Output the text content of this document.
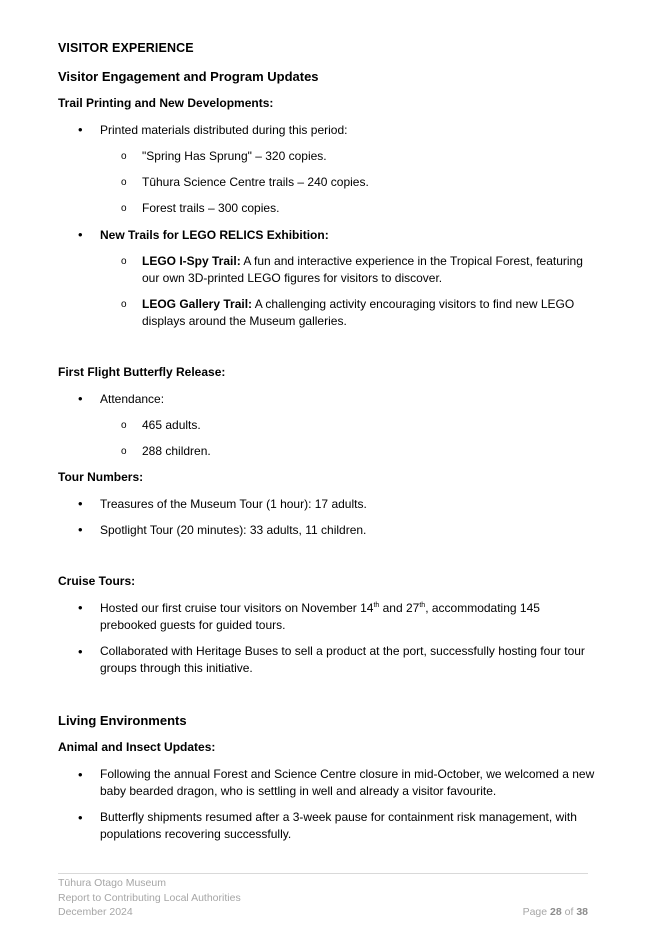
VISITOR EXPERIENCE
Visitor Engagement and Program Updates
Trail Printing and New Developments:
• Printed materials distributed during this period:
o "Spring Has Sprung" – 320 copies.
o Tūhura Science Centre trails – 240 copies.
o Forest trails – 300 copies.
• New Trails for LEGO RELICS Exhibition:
o LEGO I-Spy Trail: A fun and interactive experience in the Tropical Forest, featuring
our own 3D-printed LEGO figures for visitors to discover.
o LEOG Gallery Trail: A challenging activity encouraging visitors to find new LEGO
displays around the Museum galleries.
First Flight Butterfly Release:
• Attendance:
o 465 adults.
o 288 children.
Tour Numbers:
• Treasures of the Museum Tour (1 hour): 17 adults.
• Spotlight Tour (20 minutes): 33 adults, 11 children.
Cruise Tours:
• Hosted our first cruise tour visitors on November 14th and 27th, accommodating 145
prebooked guests for guided tours.
• Collaborated with Heritage Buses to sell a product at the port, successfully hosting four tour
groups through this initiative.
Living Environments
Animal and Insect Updates:
• Following the annual Forest and Science Centre closure in mid-October, we welcomed a new
baby bearded dragon, who is settling in well and already a visitor favourite.
• Butterfly shipments resumed after a 3-week pause for containment risk management, with
populations recovering successfully.
Tūhura Otago Museum
Report to Contributing Local Authorities
December 2024	Page 28 of 38
